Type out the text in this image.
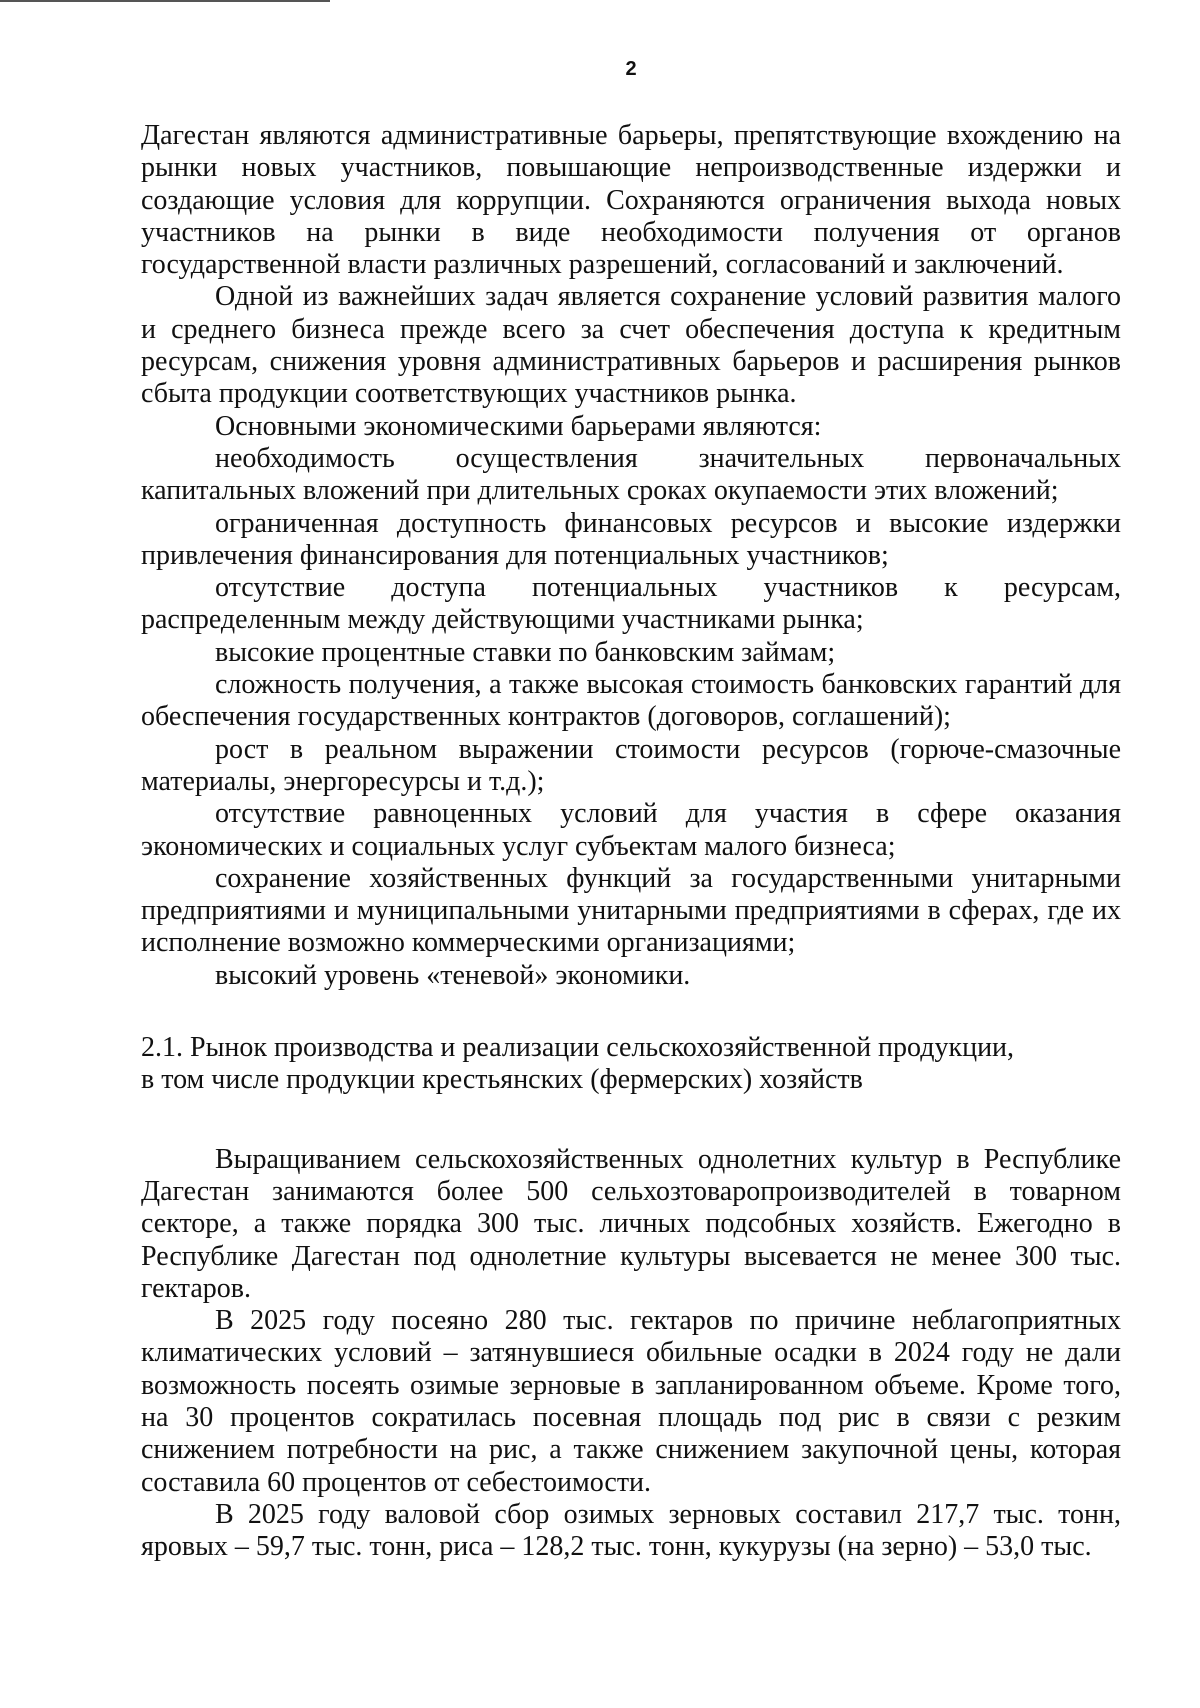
2

Дагестан являются административные барьеры, препятствующие вхождению на рынки новых участников, повышающие непроизводственные издержки и создающие условия для коррупции. Сохраняются ограничения выхода новых участников на рынки в виде необходимости получения от органов государственной власти различных разрешений, согласований и заключений.

Одной из важнейших задач является сохранение условий развития малого и среднего бизнеса прежде всего за счет обеспечения доступа к кредитным ресурсам, снижения уровня административных барьеров и расширения рынков сбыта продукции соответствующих участников рынка.

Основными экономическими барьерами являются:

необходимость осуществления значительных первоначальных капитальных вложений при длительных сроках окупаемости этих вложений;

ограниченная доступность финансовых ресурсов и высокие издержки привлечения финансирования для потенциальных участников;

отсутствие доступа потенциальных участников к ресурсам, распределенным между действующими участниками рынка;

высокие процентные ставки по банковским займам;

сложность получения, а также высокая стоимость банковских гарантий для обеспечения государственных контрактов (договоров, соглашений);

рост в реальном выражении стоимости ресурсов (горюче-смазочные материалы, энергоресурсы и т.д.);

отсутствие равноценных условий для участия в сфере оказания экономических и социальных услуг субъектам малого бизнеса;

сохранение хозяйственных функций за государственными унитарными предприятиями и муниципальными унитарными предприятиями в сферах, где их исполнение возможно коммерческими организациями;

высокий уровень «теневой» экономики.

2.1. Рынок производства и реализации сельскохозяйственной продукции,
в том числе продукции крестьянских (фермерских) хозяйств

Выращиванием сельскохозяйственных однолетних культур в Республике Дагестан занимаются более 500 сельхозтоваропроизводителей в товарном секторе, а также порядка 300 тыс. личных подсобных хозяйств. Ежегодно в Республике Дагестан под однолетние культуры высевается не менее 300 тыс. гектаров.

В 2025 году посеяно 280 тыс. гектаров по причине неблагоприятных климатических условий – затянувшиеся обильные осадки в 2024 году не дали возможность посеять озимые зерновые в запланированном объеме. Кроме того, на 30 процентов сократилась посевная площадь под рис в связи с резким снижением потребности на рис, а также снижением закупочной цены, которая составила 60 процентов от себестоимости.

В 2025 году валовой сбор озимых зерновых составил 217,7 тыс. тонн, яровых – 59,7 тыс. тонн, риса – 128,2 тыс. тонн, кукурузы (на зерно) – 53,0 тыс.
